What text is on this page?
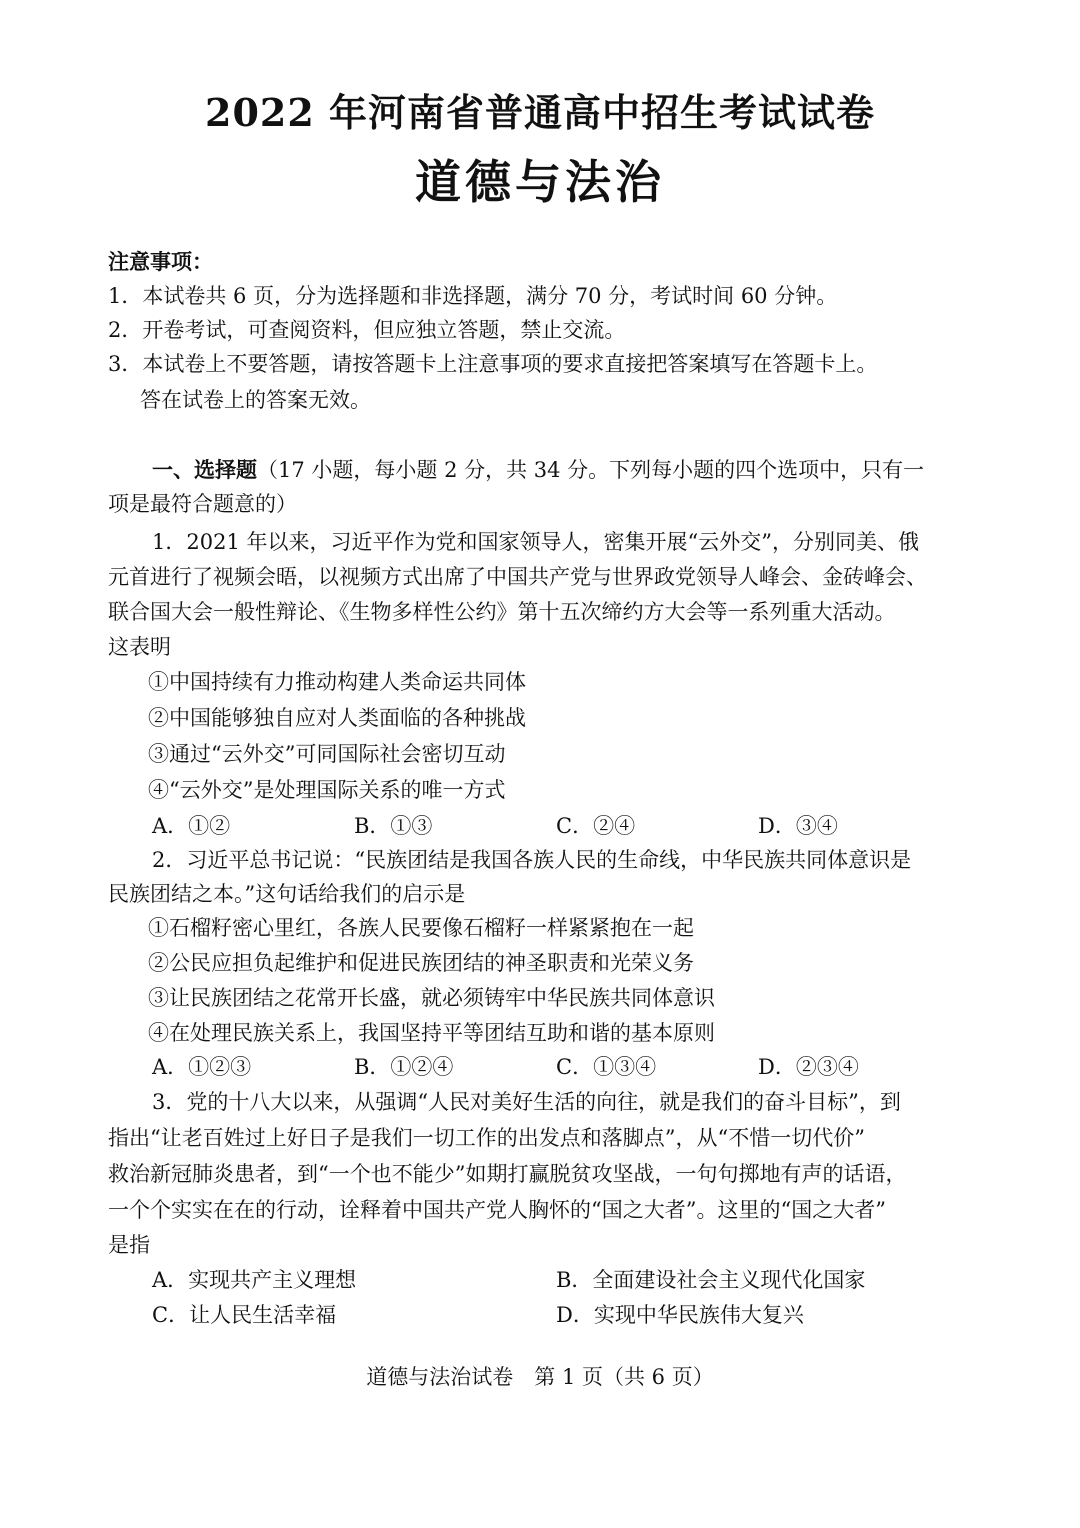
2022 年河南省普通高中招生考试试卷
道德与法治
注意事项：
1．本试卷共 6 页，分为选择题和非选择题，满分 70 分，考试时间 60 分钟。
2．开卷考试，可查阅资料，但应独立答题，禁止交流。
3．本试卷上不要答题，请按答题卡上注意事项的要求直接把答案填写在答题卡上。
答在试卷上的答案无效。
一、选择题（17 小题，每小题 2 分，共 34 分。下列每小题的四个选项中，只有一
项是最符合题意的）
1．2021 年以来，习近平作为党和国家领导人，密集开展“云外交”，分别同美、俄
元首进行了视频会晤，以视频方式出席了中国共产党与世界政党领导人峰会、金砖峰会、
联合国大会一般性辩论、《生物多样性公约》第十五次缔约方大会等一系列重大活动。
这表明
①中国持续有力推动构建人类命运共同体
②中国能够独自应对人类面临的各种挑战
③通过“云外交”可同国际社会密切互动
④“云外交”是处理国际关系的唯一方式
A．①②	B．①③	C．②④	D．③④
2．习近平总书记说：“民族团结是我国各族人民的生命线，中华民族共同体意识是
民族团结之本。”这句话给我们的启示是
①石榴籽密心里红，各族人民要像石榴籽一样紧紧抱在一起
②公民应担负起维护和促进民族团结的神圣职责和光荣义务
③让民族团结之花常开长盛，就必须铸牢中华民族共同体意识
④在处理民族关系上，我国坚持平等团结互助和谐的基本原则
A．①②③	B．①②④	C．①③④	D．②③④
3．党的十八大以来，从强调“人民对美好生活的向往，就是我们的奋斗目标”，到
指出“让老百姓过上好日子是我们一切工作的出发点和落脚点”，从“不惜一切代价”
救治新冠肺炎患者，到“一个也不能少”如期打赢脱贫攻坚战，一句句掷地有声的话语，
一个个实实在在的行动，诠释着中国共产党人胸怀的“国之大者”。这里的“国之大者”
是指
A．实现共产主义理想	B．全面建设社会主义现代化国家
C．让人民生活幸福	D．实现中华民族伟大复兴
道德与法治试卷　第 1 页（共 6 页）
